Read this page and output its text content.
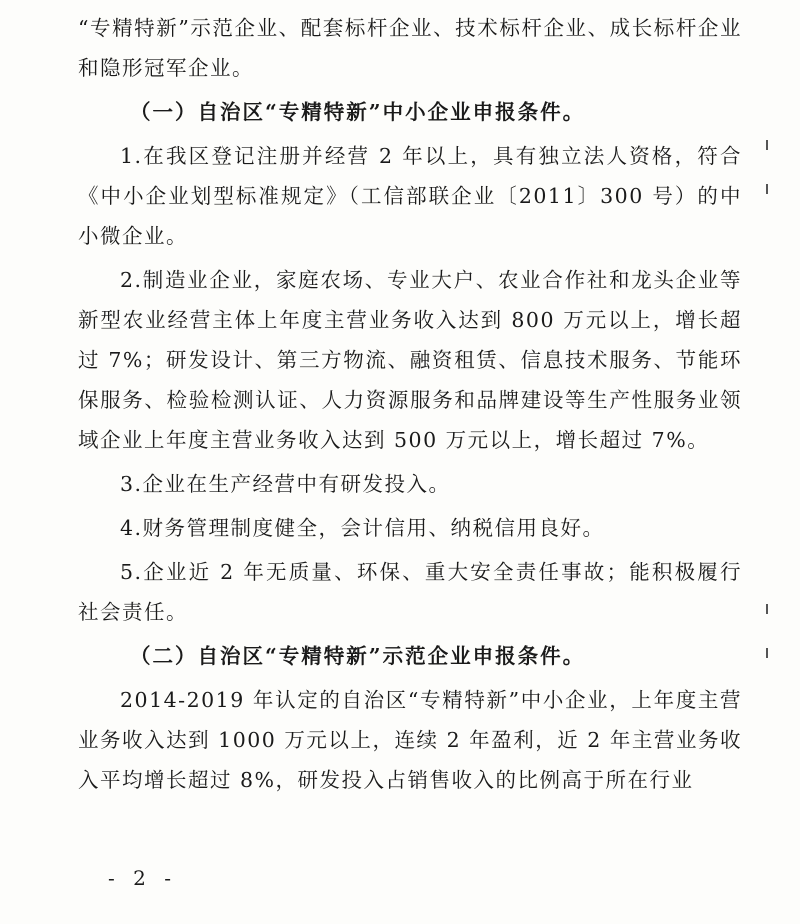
“专精特新”示范企业、配套标杆企业、技术标杆企业、成长标杆企业和隐形冠军企业。

（一）自治区“专精特新”中小企业申报条件。

1.在我区登记注册并经营 2 年以上，具有独立法人资格，符合《中小企业划型标准规定》（工信部联企业〔2011〕300 号）的中小微企业。

2.制造业企业，家庭农场、专业大户、农业合作社和龙头企业等新型农业经营主体上年度主营业务收入达到 800 万元以上，增长超过 7%；研发设计、第三方物流、融资租赁、信息技术服务、节能环保服务、检验检测认证、人力资源服务和品牌建设等生产性服务业领域企业上年度主营业务收入达到 500 万元以上，增长超过 7%。

3.企业在生产经营中有研发投入。

4.财务管理制度健全，会计信用、纳税信用良好。

5.企业近 2 年无质量、环保、重大安全责任事故；能积极履行社会责任。

（二）自治区“专精特新”示范企业申报条件。

2014-2019 年认定的自治区“专精特新”中小企业，上年度主营业务收入达到 1000 万元以上，连续 2 年盈利，近 2 年主营业务收入平均增长超过 8%，研发投入占销售收入的比例高于所在行业

- 2 -
